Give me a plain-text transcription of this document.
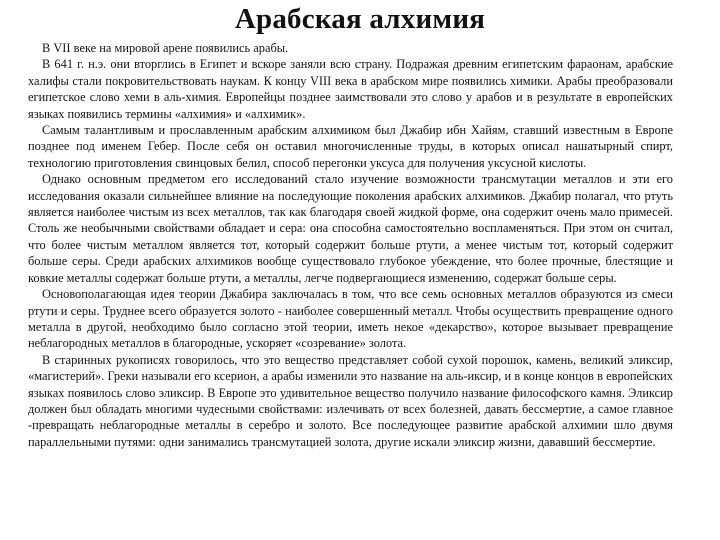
Арабская алхимия

В VII веке на мировой арене появились арабы.

В 641 г. н.э. они вторглись в Египет и вскоре заняли всю страну. Подражая древним египетским фараонам, арабские халифы стали покровительствовать наукам. К концу VIII века в арабском мире появились химики. Арабы преобразовали египетское слово хеми в аль-химия. Европейцы позднее заимствовали это слово у арабов и в результате в европейских языках появились термины «алхимия» и «алхимик».

Самым талантливым и прославленным арабским алхимиком был Джабир ибн Хайям, ставший известным в Европе позднее под именем Гебер. После себя он оставил многочисленные труды, в которых описал нашатырный спирт, технологию приготовления свинцовых белил, способ перегонки уксуса для получения уксусной кислоты.

Однако основным предметом его исследований стало изучение возможности трансмутации металлов и эти его исследования оказали сильнейшее влияние на последующие поколения арабских алхимиков. Джабир полагал, что ртуть является наиболее чистым из всех металлов, так как благодаря своей жидкой форме, она содержит очень мало примесей. Столь же необычными свойствами обладает и сера: она способна самостоятельно воспламеняться. При этом он считал, что более чистым металлом является тот, который содержит больше ртути, а менее чистым тот, который содержит больше серы. Среди арабских алхимиков вообще существовало глубокое убеждение, что более прочные, блестящие и ковкие металлы содержат больше ртути, а металлы, легче подвергающиеся изменению, содержат больше серы.

Основополагающая идея теории Джабира заключалась в том, что все семь основных металлов образуются из смеси ртути и серы. Труднее всего образуется золото - наиболее совершенный металл. Чтобы осуществить превращение одного металла в другой, необходимо было согласно этой теории, иметь некое «декарство», которое вызывает превращение неблагородных металлов в благородные, ускоряет «созревание» золота.

В старинных рукописях говорилось, что это вещество представляет собой сухой порошок, камень, великий эликсир, «магистерий». Греки называли его ксерион, а арабы изменили это название на аль-иксир, и в конце концов в европейских языках появилось слово эликсир. В Европе это удивительное вещество получило название философского камня. Эликсир должен был обладать многими чудесными свойствами: излечивать от всех болезней, давать бессмертие, а самое главное -превращать неблагородные металлы в серебро и золото. Все последующее развитие арабской алхимии шло двумя параллельными путями: одни занимались трансмутацией золота, другие искали эликсир жизни, дававший бессмертие.
